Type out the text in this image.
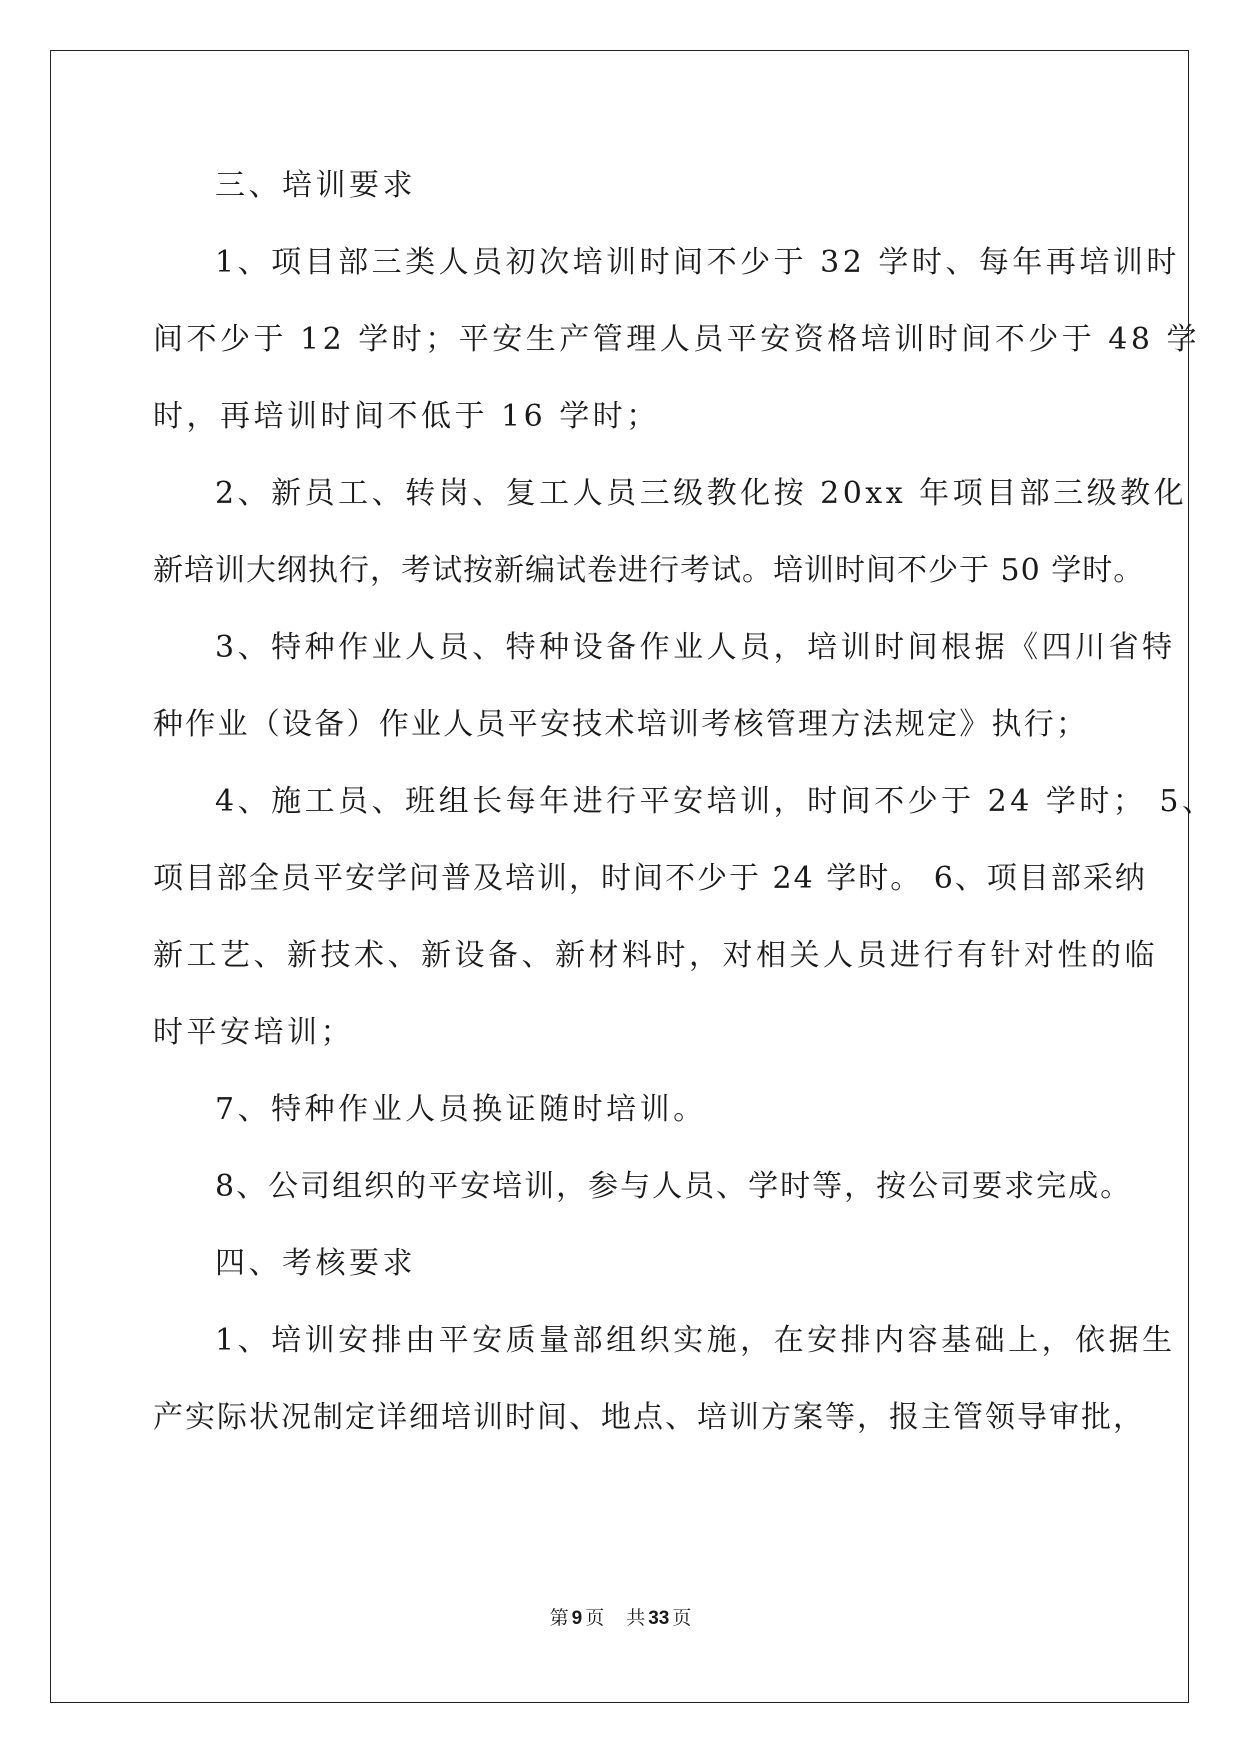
三、培训要求
1、项目部三类人员初次培训时间不少于 32 学时、每年再培训时
间不少于 12 学时；平安生产管理人员平安资格培训时间不少于 48 学
时，再培训时间不低于 16 学时；
2、新员工、转岗、复工人员三级教化按 20xx 年项目部三级教化
新培训大纲执行，考试按新编试卷进行考试。培训时间不少于 50 学时。
3、特种作业人员、特种设备作业人员，培训时间根据《四川省特
种作业（设备）作业人员平安技术培训考核管理方法规定》执行；
4、施工员、班组长每年进行平安培训，时间不少于 24 学时； 5、
项目部全员平安学问普及培训，时间不少于 24 学时。 6、项目部采纳
新工艺、新技术、新设备、新材料时，对相关人员进行有针对性的临
时平安培训；
7、特种作业人员换证随时培训。
8、公司组织的平安培训，参与人员、学时等，按公司要求完成。
四、考核要求
1、培训安排由平安质量部组织实施，在安排内容基础上，依据生
产实际状况制定详细培训时间、地点、培训方案等，报主管领导审批，
第 9 页 共 33 页
